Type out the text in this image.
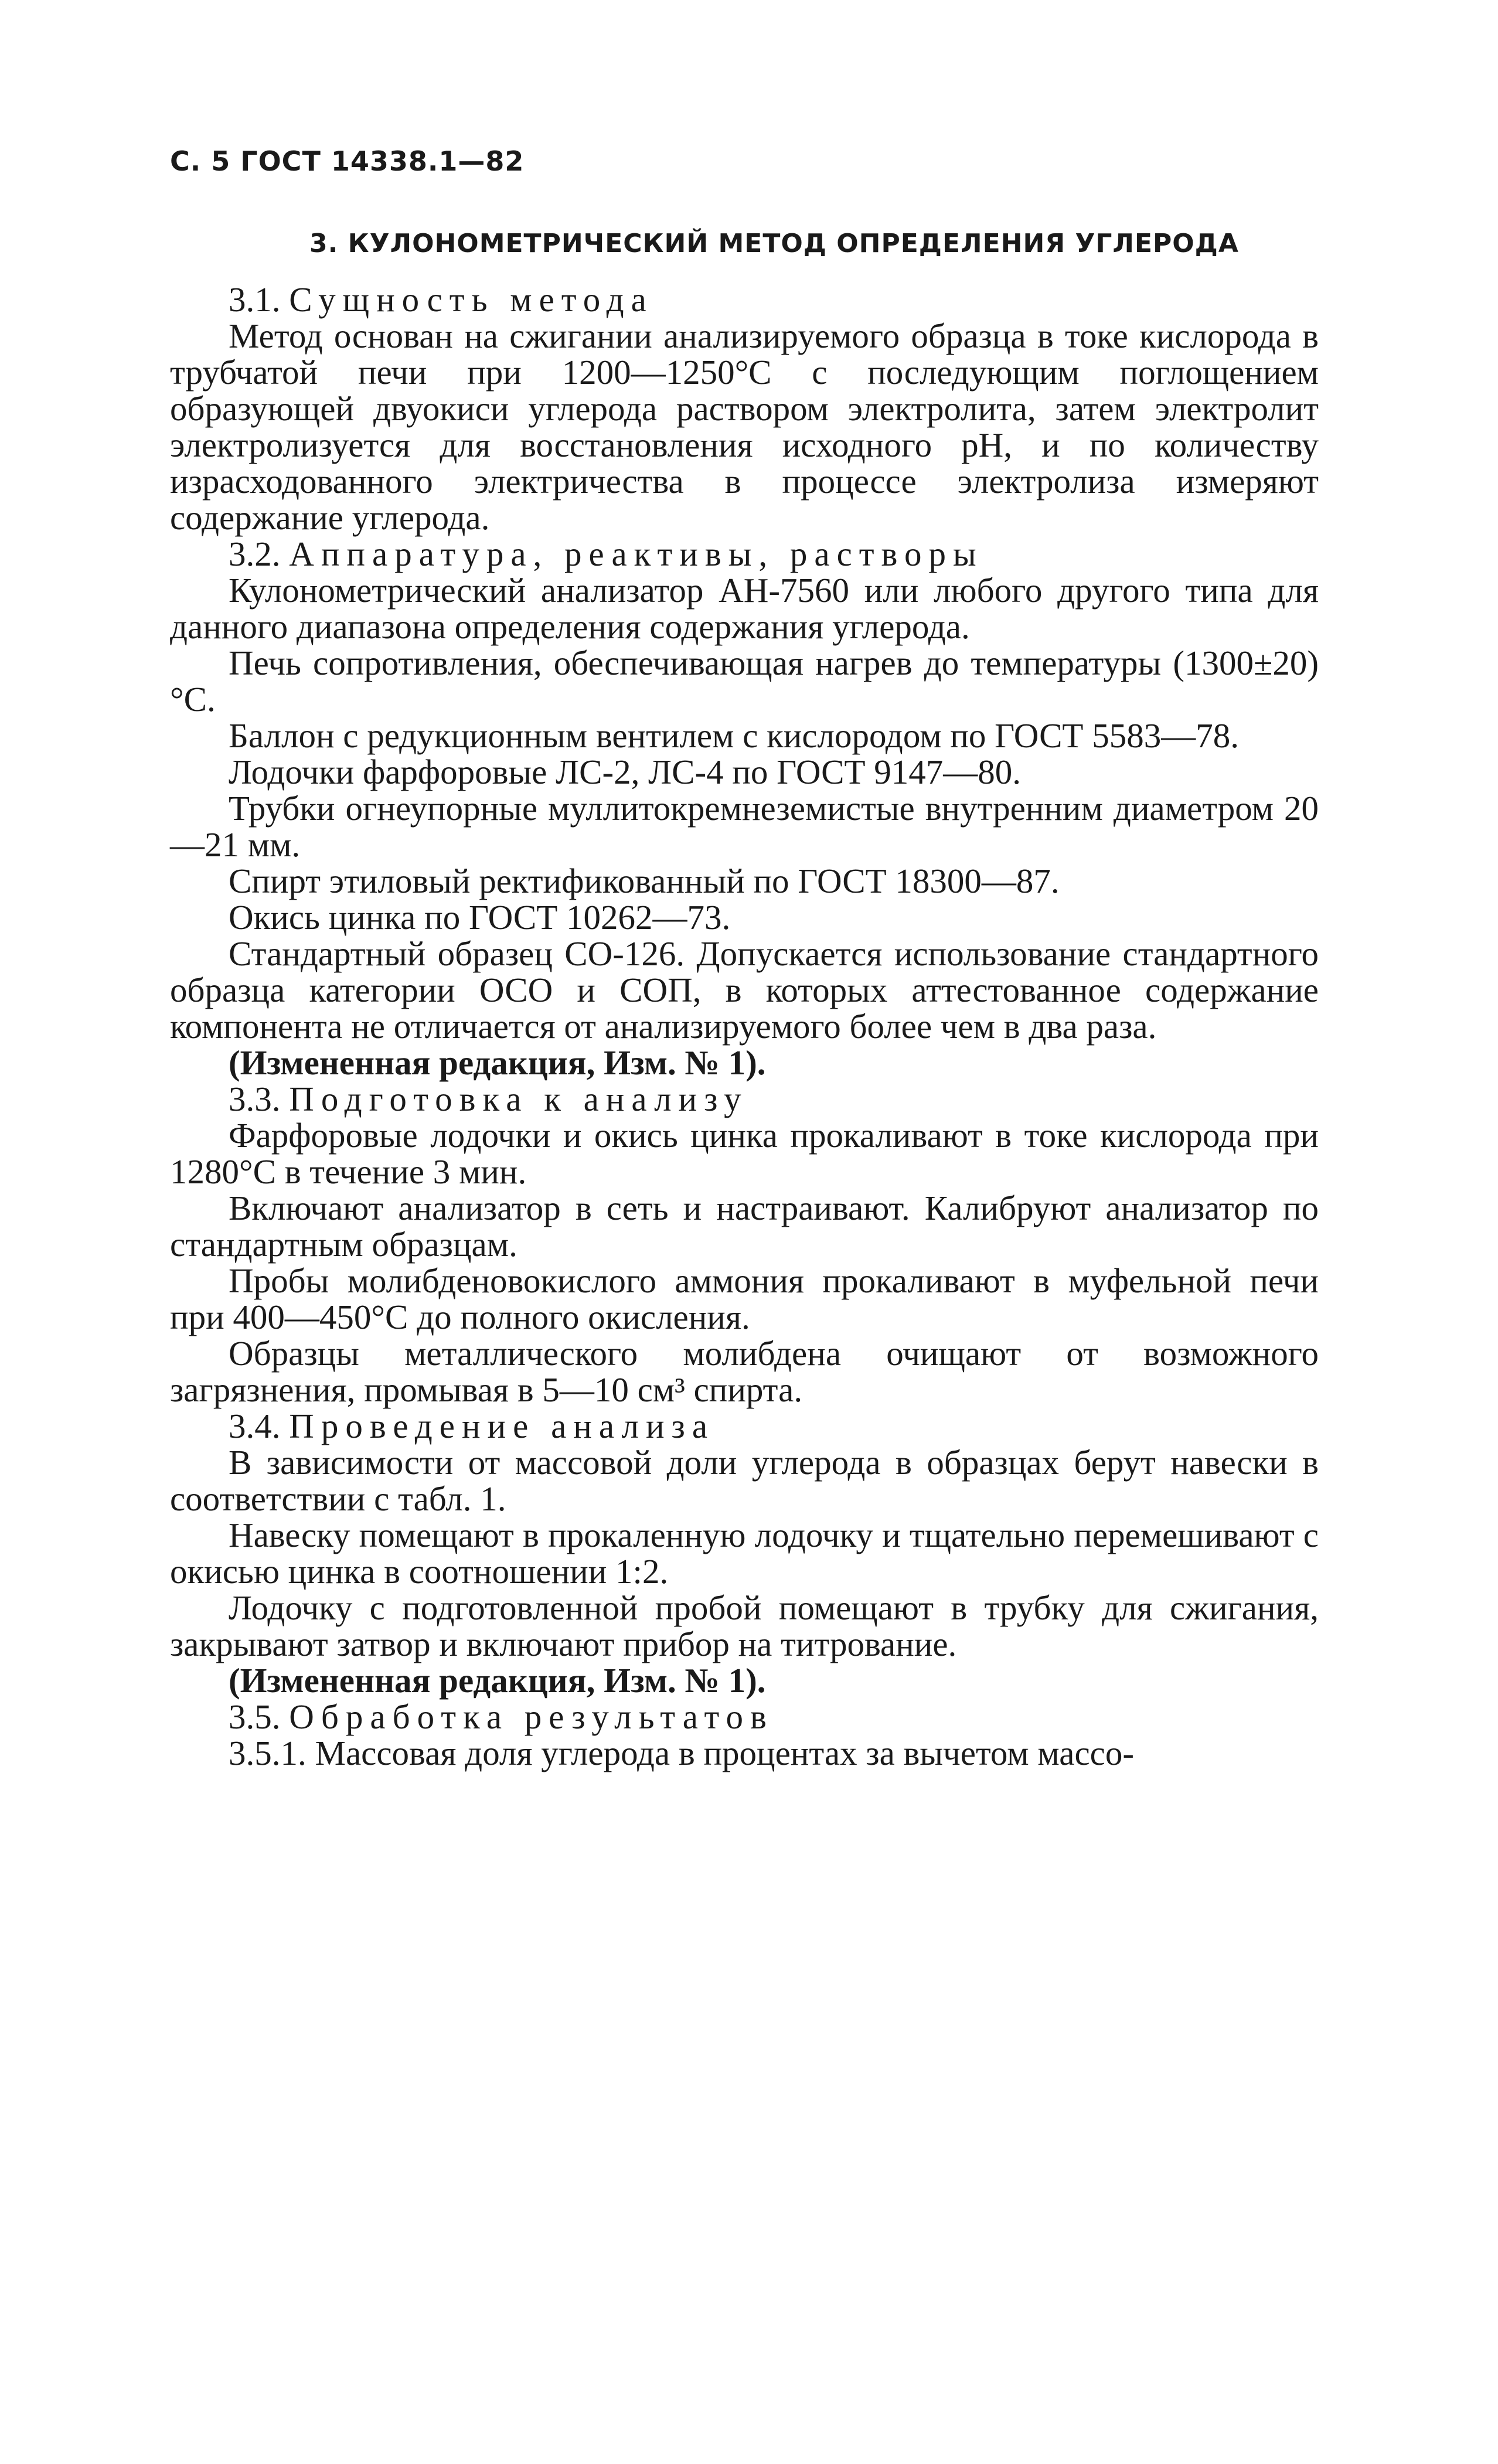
С. 5 ГОСТ 14338.1—82
3. КУЛОНОМЕТРИЧЕСКИЙ МЕТОД ОПРЕДЕЛЕНИЯ УГЛЕРОДА

3.1. Сущность метода

Метод основан на сжигании анализируемого образца в токе кислорода в трубчатой печи при 1200—1250°С с последующим поглощением образующей двуокиси углерода раствором электролита, затем электролит электролизуется для восстановления исходного рН, и по количеству израсходованного электричества в процессе электролиза измеряют содержание углерода.

3.2. Аппаратура, реактивы, растворы

Кулонометрический анализатор АН-7560 или любого другого типа для данного диапазона определения содержания углерода.

Печь сопротивления, обеспечивающая нагрев до температуры (1300±20)°С.

Баллон с редукционным вентилем с кислородом по ГОСТ 5583—78.

Лодочки фарфоровые ЛС-2, ЛС-4 по ГОСТ 9147—80.

Трубки огнеупорные муллитокремнеземистые внутренним диаметром 20—21 мм.

Спирт этиловый ректификованный по ГОСТ 18300—87.

Окись цинка по ГОСТ 10262—73.

Стандартный образец СО-126. Допускается использование стандартного образца категории ОСО и СОП, в которых аттестованное содержание компонента не отличается от анализируемого более чем в два раза.

(Измененная редакция, Изм. № 1).

3.3. Подготовка к анализу

Фарфоровые лодочки и окись цинка прокаливают в токе кислорода при 1280°С в течение 3 мин.

Включают анализатор в сеть и настраивают. Калибруют анализатор по стандартным образцам.

Пробы молибденовокислого аммония прокаливают в муфельной печи при 400—450°С до полного окисления.

Образцы металлического молибдена очищают от возможного загрязнения, промывая в 5—10 см³ спирта.

3.4. Проведение анализа

В зависимости от массовой доли углерода в образцах берут навески в соответствии с табл. 1.

Навеску помещают в прокаленную лодочку и тщательно перемешивают с окисью цинка в соотношении 1:2.

Лодочку с подготовленной пробой помещают в трубку для сжигания, закрывают затвор и включают прибор на титрование.

(Измененная редакция, Изм. № 1).

3.5. Обработка результатов

3.5.1. Массовая доля углерода в процентах за вычетом массо-
